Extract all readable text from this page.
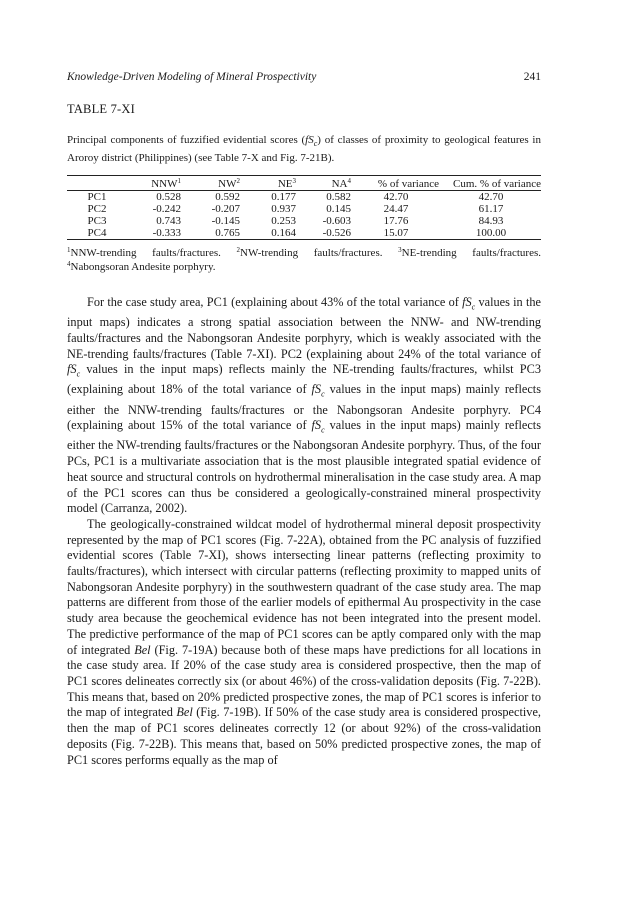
Knowledge-Driven Modeling of Mineral Prospectivity	241
TABLE 7-XI
Principal components of fuzzified evidential scores $(fS_c)$ of classes of proximity to geological features in Aroroy district (Philippines) (see Table 7-X and Fig. 7-21B).
	NNW$^1$	$NW^2$	$NE^3$	$NA^4$	% of variance	Cum. % of variance
PC1	0.528	0.592	0.177	0.582	42.70	42.70
PC2	-0.242	-0.207	0.937	0.145	24.47	61.17
PC3	0.743	-0.145	0.253	-0.603	17.76	84.93
PC4	-0.333	0.765	0.164	-0.526	15.07	100.00
$^1$NNW-trending faults/fractures. $^2$NW-trending faults/fractures. $^3$NE-trending faults/fractures. $^4$Nabongsoran Andesite porphyry.

For the case study area, PC1 (explaining about 43% of the total variance of $fS_c$ values in the input maps) indicates a strong spatial association between the NNW- and NW-trending faults/fractures and the Nabongsoran Andesite porphyry, which is weakly associated with the NE-trending faults/fractures (Table 7-XI). PC2 (explaining about 24% of the total variance of $fS_c$ values in the input maps) reflects mainly the NE-trending faults/fractures, whilst PC3 (explaining about 18% of the total variance of $fS_c$ values in the input maps) mainly reflects either the NNW-trending faults/fractures or the Nabongsoran Andesite porphyry. PC4 (explaining about 15% of the total variance of $fS_c$ values in the input maps) mainly reflects either the NW-trending faults/fractures or the Nabongsoran Andesite porphyry. Thus, of the four PCs, PC1 is a multivariate association that is the most plausible integrated spatial evidence of heat source and structural controls on hydrothermal mineralisation in the case study area. A map of the PC1 scores can thus be considered a geologically-constrained mineral prospectivity model (Carranza, 2002).

The geologically-constrained wildcat model of hydrothermal mineral deposit prospectivity represented by the map of PC1 scores (Fig. 7-22A), obtained from the PC analysis of fuzzified evidential scores (Table 7-XI), shows intersecting linear patterns (reflecting proximity to faults/fractures), which intersect with circular patterns (reflecting proximity to mapped units of Nabongsoran Andesite porphyry) in the southwestern quadrant of the case study area. The map patterns are different from those of the earlier models of epithermal Au prospectivity in the case study area because the geochemical evidence has not been integrated into the present model. The predictive performance of the map of PC1 scores can be aptly compared only with the map of integrated Bel (Fig. 7-19A) because both of these maps have predictions for all locations in the case study area. If 20% of the case study area is considered prospective, then the map of PC1 scores delineates correctly six (or about 46%) of the cross-validation deposits (Fig. 7-22B). This means that, based on 20% predicted prospective zones, the map of PC1 scores is inferior to the map of integrated Bel (Fig. 7-19B). If 50% of the case study area is considered prospective, then the map of PC1 scores delineates correctly 12 (or about 92%) of the cross-validation deposits (Fig. 7-22B). This means that, based on 50% predicted prospective zones, the map of PC1 scores performs equally as the map of
